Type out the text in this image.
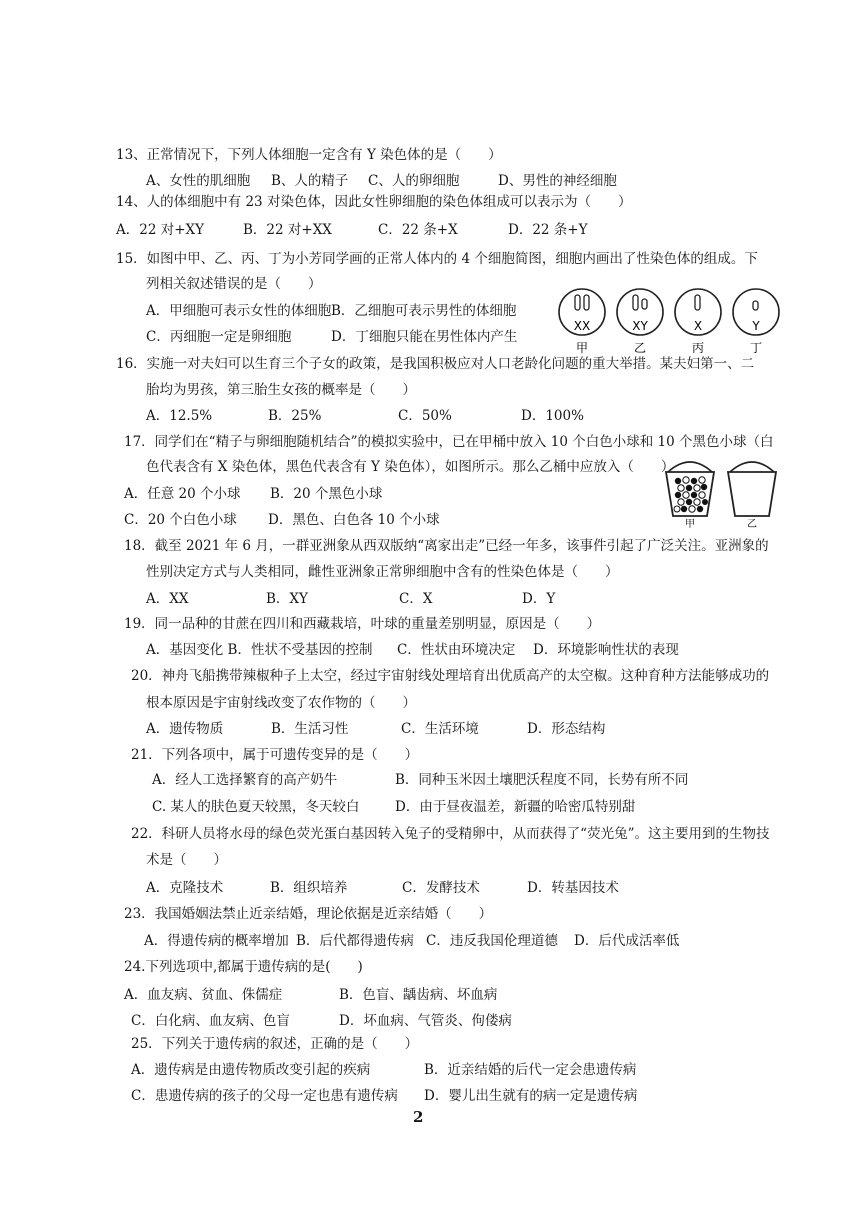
13、正常情况下，下列人体细胞一定含有 Y 染色体的是（　　）
A、女性的肌细胞 B、人的精子 C、人的卵细胞	D、男性的神经细胞
14、人的体细胞中有 23 对染色体，因此女性卵细胞的染色体组成可以表示为（　　）
A．22 对+XY	B．22 对+XX	C．22 条+X	D．22 条+Y
15．如图中甲、乙、丙、丁为小芳同学画的正常人体内的 4 个细胞简图，细胞内画出了性染色体的组成。下
列相关叙述错误的是（　　）
A．甲细胞可表示女性的体细胞 B．乙细胞可表示男性的体细胞
C．丙细胞一定是卵细胞	D．丁细胞只能在男性体内产生
XX
甲
XY
乙
X
丙
Y
丁
16．实施一对夫妇可以生育三个子女的政策，是我国积极应对人口老龄化问题的重大举措。某夫妇第一、二
胎均为男孩，第三胎生女孩的概率是（　　）
A．12.5%	B．25%	C．50%	D．100%
17．同学们在“精子与卵细胞随机结合”的模拟实验中，已在甲桶中放入 10 个白色小球和 10 个黑色小球（白
色代表含有 X 染色体，黑色代表含有 Y 染色体），如图所示。那么乙桶中应放入（　　）
A．任意 20 个小球 B．20 个黑色小球
C．20 个白色小球 D．黑色、白色各 10 个小球	甲	乙
18．截至 2021 年 6 月，一群亚洲象从西双版纳“离家出走”已经一年多，该事件引起了广泛关注。亚洲象的
性别决定方式与人类相同，雌性亚洲象正常卵细胞中含有的性染色体是（　　）
A．XX	B．XY	C．X	D．Y
19．同一品种的甘蔗在四川和西藏栽培，叶球的重量差别明显，原因是（　　）
A．基因变化 B．性状不受基因的控制 C．性状由环境决定 D．环境影响性状的表现
20．神舟飞船携带辣椒种子上太空，经过宇宙射线处理培育出优质高产的太空椒。这种育种方法能够成功的
根本原因是宇宙射线改变了农作物的（　　）
A．遗传物质	B．生活习性	C．生活环境	D．形态结构
21．下列各项中，属于可遗传变异的是（　　）
A．经人工选择繁育的高产奶牛	B．同种玉米因土壤肥沃程度不同，长势有所不同
C. 某人的肤色夏天较黑，冬天较白	D．由于昼夜温差，新疆的哈密瓜特别甜
22．科研人员将水母的绿色荧光蛋白基因转入兔子的受精卵中，从而获得了“荧光兔”。这主要用到的生物技
术是（　　）
A．克隆技术	B．组织培养	C．发酵技术	D．转基因技术
23．我国婚姻法禁止近亲结婚，理论依据是近亲结婚（　　）
A．得遗传病的概率增加 B．后代都得遗传病 C．违反我国伦理道德 D．后代成活率低
24.下列选项中,都属于遗传病的是(　　)
A．血友病、贫血、侏儒症	B．色盲、龋齿病、坏血病
C．白化病、血友病、色盲	D．坏血病、气管炎、佝偻病
25．下列关于遗传病的叙述，正确的是（　　）
A．遗传病是由遗传物质改变引起的疾病	B．近亲结婚的后代一定会患遗传病
C．患遗传病的孩子的父母一定也患有遗传病 D．婴儿出生就有的病一定是遗传病
2
